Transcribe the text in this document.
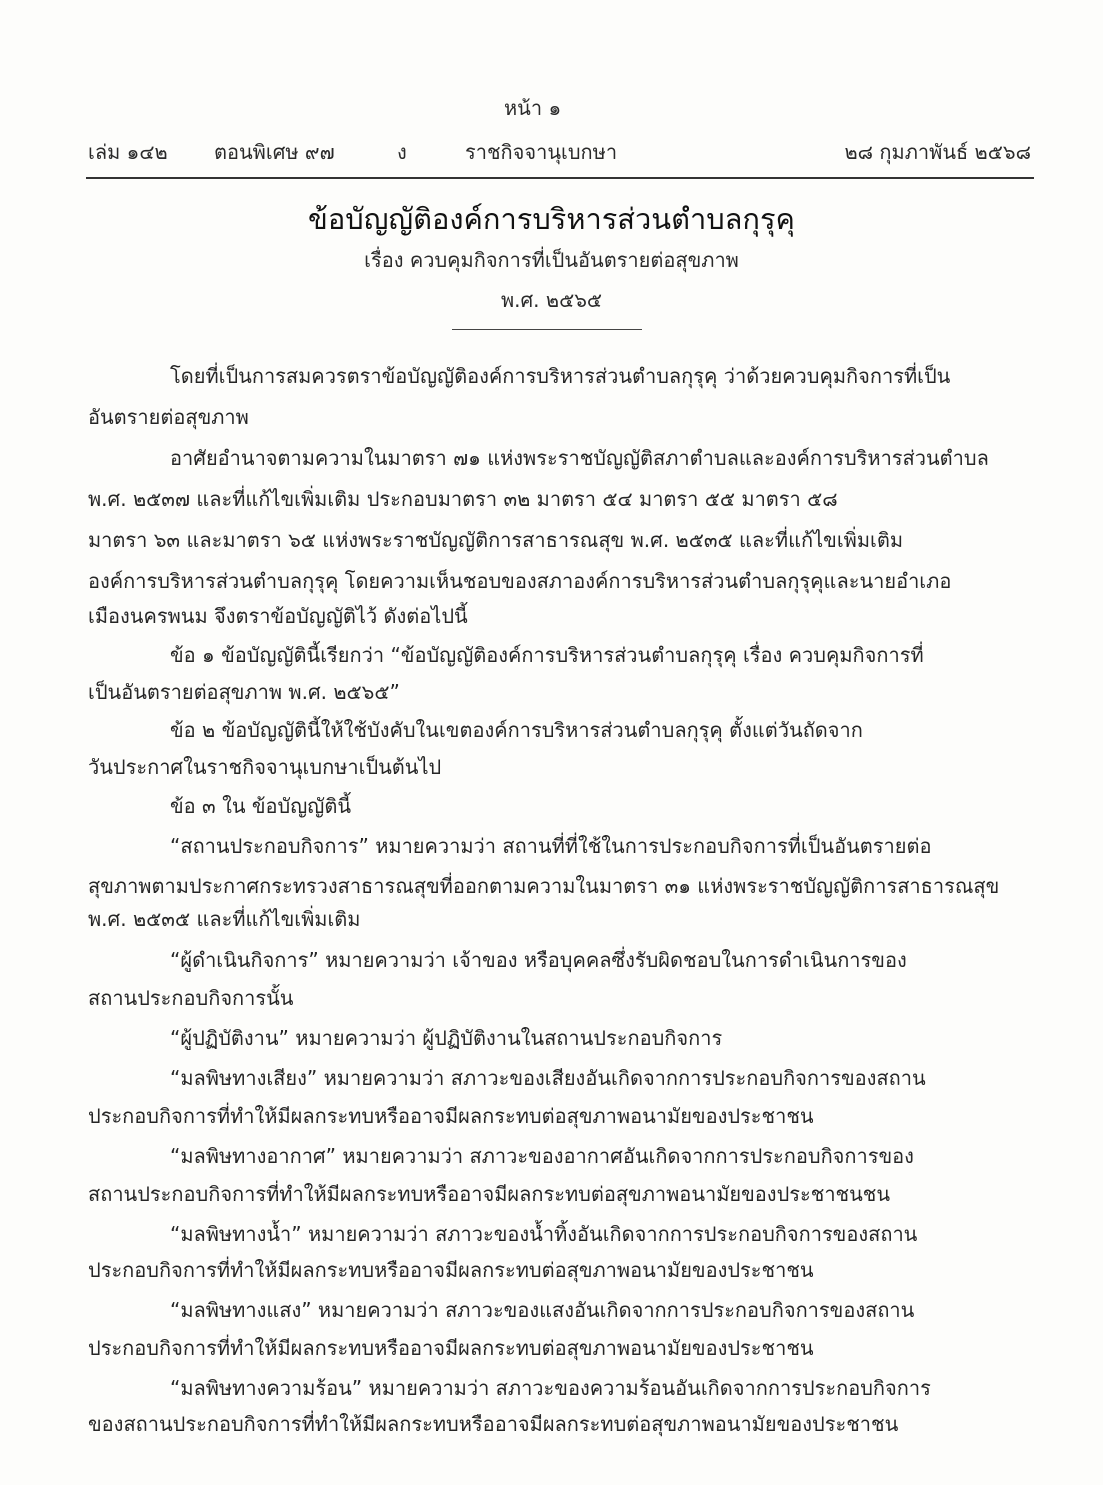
หน้า ๑
เล่ม ๑๔๒ ตอนพิเศษ ๙๗	ง	ราชกิจจานุเบกษา	๒๘ กุมภาพันธ์ ๒๕๖๘
ข้อบัญญัติองค์การบริหารส่วนตำบลกุรุคุ
เรื่อง ควบคุมกิจการที่เป็นอันตรายต่อสุขภาพ
พ.ศ. ๒๕๖๕
โดยที่เป็นการสมควรตราข้อบัญญัติองค์การบริหารส่วนตำบลกุรุคุ ว่าด้วยควบคุมกิจการที่เป็น
อันตรายต่อสุขภาพ
อาศัยอำนาจตามความในมาตรา ๗๑ แห่งพระราชบัญญัติสภาตำบลและองค์การบริหารส่วนตำบล
พ.ศ. ๒๕๓๗ และที่แก้ไขเพิ่มเติม ประกอบมาตรา ๓๒ มาตรา ๕๔ มาตรา ๕๕ มาตรา ๕๘
มาตรา ๖๓ และมาตรา ๖๕ แห่งพระราชบัญญัติการสาธารณสุข พ.ศ. ๒๕๓๕ และที่แก้ไขเพิ่มเติม
องค์การบริหารส่วนตำบลกุรุคุ โดยความเห็นชอบของสภาองค์การบริหารส่วนตำบลกุรุคุและนายอำเภอ
เมืองนครพนม จึงตราข้อบัญญัติไว้ ดังต่อไปนี้
ข้อ ๑ ข้อบัญญัตินี้เรียกว่า “ข้อบัญญัติองค์การบริหารส่วนตำบลกุรุคุ เรื่อง ควบคุมกิจการที่
เป็นอันตรายต่อสุขภาพ พ.ศ. ๒๕๖๕”
ข้อ ๒ ข้อบัญญัตินี้ให้ใช้บังคับในเขตองค์การบริหารส่วนตำบลกุรุคุ ตั้งแต่วันถัดจาก
วันประกาศในราชกิจจานุเบกษาเป็นต้นไป
ข้อ ๓ ใน ข้อบัญญัตินี้
“สถานประกอบกิจการ” หมายความว่า สถานที่ที่ใช้ในการประกอบกิจการที่เป็นอันตรายต่อ
สุขภาพตามประกาศกระทรวงสาธารณสุขที่ออกตามความในมาตรา ๓๑ แห่งพระราชบัญญัติการสาธารณสุข
พ.ศ. ๒๕๓๕ และที่แก้ไขเพิ่มเติม
“ผู้ดำเนินกิจการ” หมายความว่า เจ้าของ หรือบุคคลซึ่งรับผิดชอบในการดำเนินการของ
สถานประกอบกิจการนั้น
“ผู้ปฏิบัติงาน” หมายความว่า ผู้ปฏิบัติงานในสถานประกอบกิจการ
“มลพิษทางเสียง” หมายความว่า สภาวะของเสียงอันเกิดจากการประกอบกิจการของสถาน
ประกอบกิจการที่ทำให้มีผลกระทบหรืออาจมีผลกระทบต่อสุขภาพอนามัยของประชาชน
“มลพิษทางอากาศ” หมายความว่า สภาวะของอากาศอันเกิดจากการประกอบกิจการของ
สถานประกอบกิจการที่ทำให้มีผลกระทบหรืออาจมีผลกระทบต่อสุขภาพอนามัยของประชาชนชน
“มลพิษทางน้ำ” หมายความว่า สภาวะของน้ำทิ้งอันเกิดจากการประกอบกิจการของสถาน
ประกอบกิจการที่ทำให้มีผลกระทบหรืออาจมีผลกระทบต่อสุขภาพอนามัยของประชาชน
“มลพิษทางแสง” หมายความว่า สภาวะของแสงอันเกิดจากการประกอบกิจการของสถาน
ประกอบกิจการที่ทำให้มีผลกระทบหรืออาจมีผลกระทบต่อสุขภาพอนามัยของประชาชน
“มลพิษทางความร้อน” หมายความว่า สภาวะของความร้อนอันเกิดจากการประกอบกิจการ
ของสถานประกอบกิจการที่ทำให้มีผลกระทบหรืออาจมีผลกระทบต่อสุขภาพอนามัยของประชาชน
